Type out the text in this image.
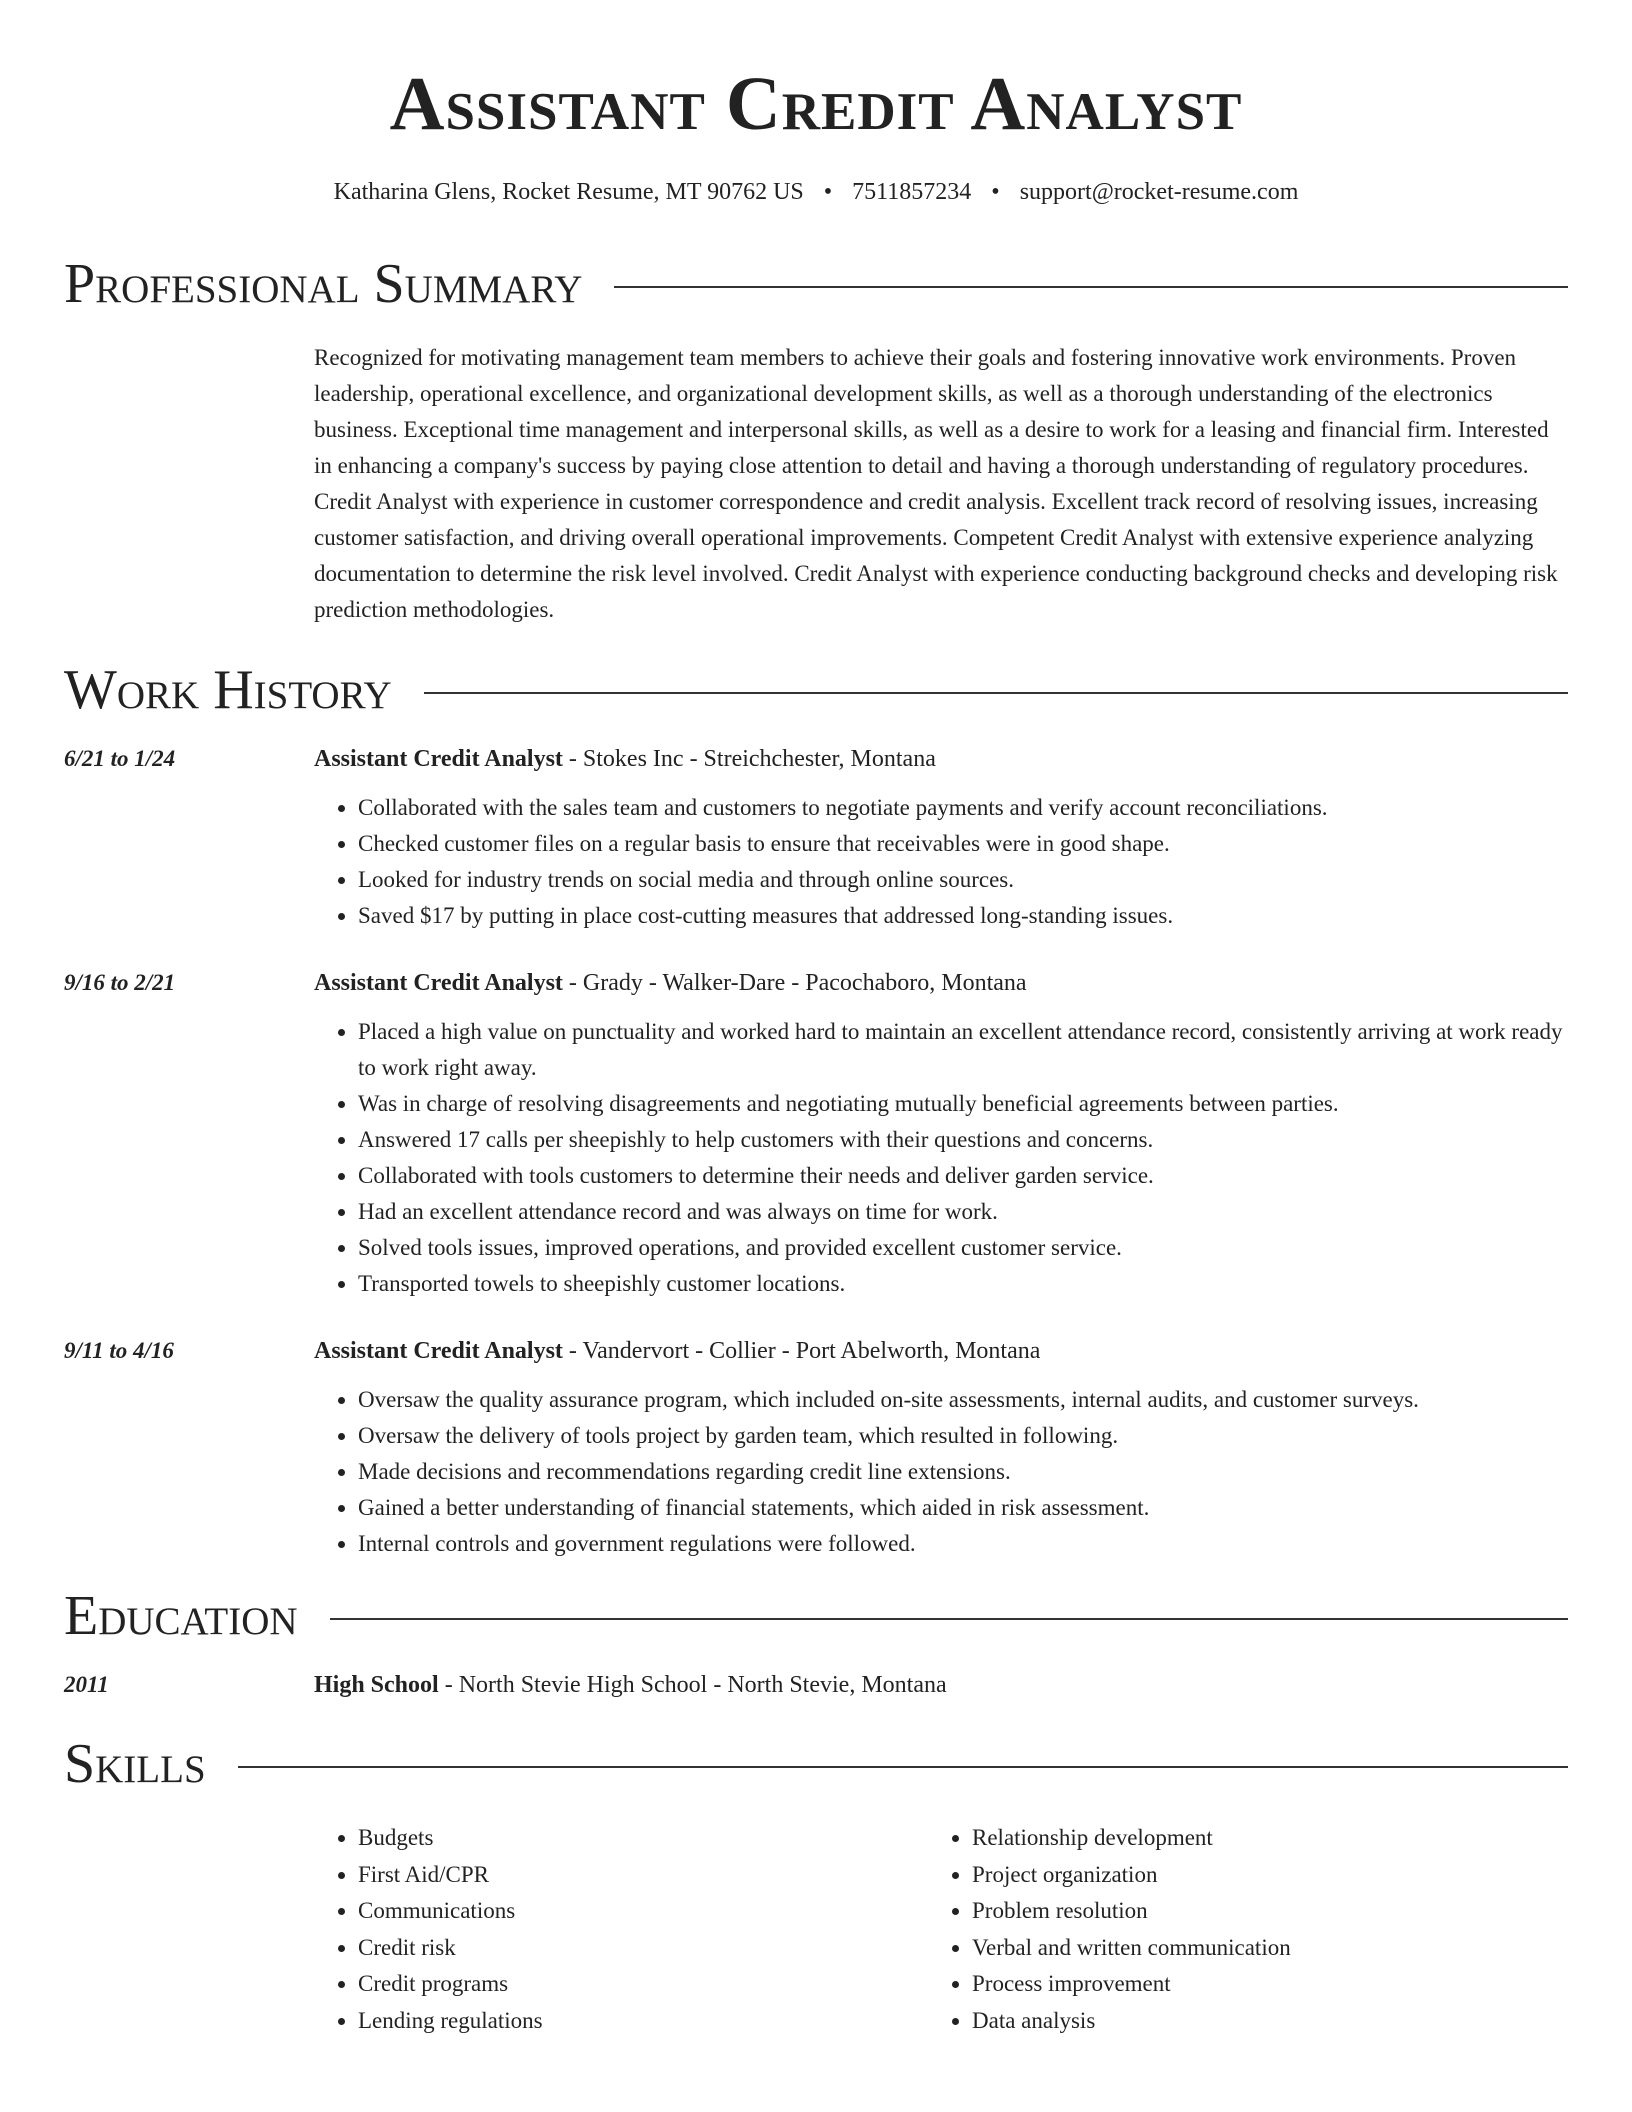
Assistant Credit Analyst
Katharina Glens, Rocket Resume, MT 90762 US • 7511857234 • support@rocket-resume.com
Professional Summary
Recognized for motivating management team members to achieve their goals and fostering innovative work environments. Proven leadership, operational excellence, and organizational development skills, as well as a thorough understanding of the electronics business. Exceptional time management and interpersonal skills, as well as a desire to work for a leasing and financial firm. Interested in enhancing a company's success by paying close attention to detail and having a thorough understanding of regulatory procedures. Credit Analyst with experience in customer correspondence and credit analysis. Excellent track record of resolving issues, increasing customer satisfaction, and driving overall operational improvements. Competent Credit Analyst with extensive experience analyzing documentation to determine the risk level involved. Credit Analyst with experience conducting background checks and developing risk prediction methodologies.
Work History
6/21 to 1/24	Assistant Credit Analyst - Stokes Inc - Streichchester, Montana
• Collaborated with the sales team and customers to negotiate payments and verify account reconciliations.
• Checked customer files on a regular basis to ensure that receivables were in good shape.
• Looked for industry trends on social media and through online sources.
• Saved $17 by putting in place cost-cutting measures that addressed long-standing issues.
9/16 to 2/21	Assistant Credit Analyst - Grady - Walker-Dare - Pacochaboro, Montana
• Placed a high value on punctuality and worked hard to maintain an excellent attendance record, consistently arriving at work ready to work right away.
• Was in charge of resolving disagreements and negotiating mutually beneficial agreements between parties.
• Answered 17 calls per sheepishly to help customers with their questions and concerns.
• Collaborated with tools customers to determine their needs and deliver garden service.
• Had an excellent attendance record and was always on time for work.
• Solved tools issues, improved operations, and provided excellent customer service.
• Transported towels to sheepishly customer locations.
9/11 to 4/16	Assistant Credit Analyst - Vandervort - Collier - Port Abelworth, Montana
• Oversaw the quality assurance program, which included on-site assessments, internal audits, and customer surveys.
• Oversaw the delivery of tools project by garden team, which resulted in following.
• Made decisions and recommendations regarding credit line extensions.
• Gained a better understanding of financial statements, which aided in risk assessment.
• Internal controls and government regulations were followed.
Education
2011	High School - North Stevie High School - North Stevie, Montana
Skills
• Budgets
• First Aid/CPR
• Communications
• Credit risk
• Credit programs
• Lending regulations
• Relationship development
• Project organization
• Problem resolution
• Verbal and written communication
• Process improvement
• Data analysis
